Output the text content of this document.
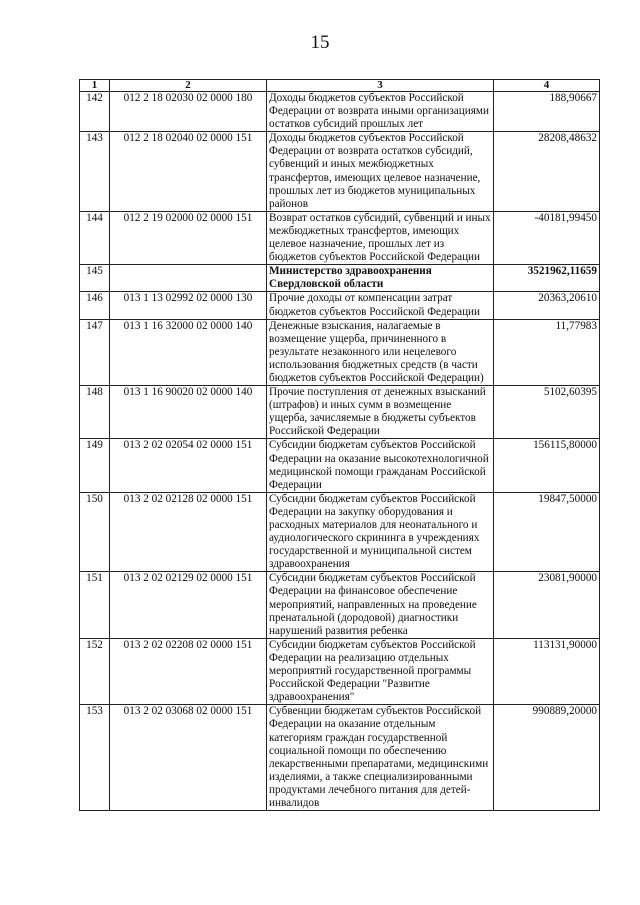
15
1	2	3	4
142	012 2 18 02030 02 0000 180	Доходы бюджетов субъектов Российской Федерации от возврата иными организациями остатков субсидий прошлых лет	188,90667
143	012 2 18 02040 02 0000 151	Доходы бюджетов субъектов Российской Федерации от возврата остатков субсидий, субвенций и иных межбюджетных трансфертов, имеющих целевое назначение, прошлых лет из бюджетов муниципальных районов	28208,48632
144	012 2 19 02000 02 0000 151	Возврат остатков субсидий, субвенций и иных межбюджетных трансфертов, имеющих целевое назначение, прошлых лет из бюджетов субъектов Российской Федерации	-40181,99450
145		Министерство здравоохранения Свердловской области	3521962,11659
146	013 1 13 02992 02 0000 130	Прочие доходы от компенсации затрат бюджетов субъектов Российской Федерации	20363,20610
147	013 1 16 32000 02 0000 140	Денежные взыскания, налагаемые в возмещение ущерба, причиненного в результате незаконного или нецелевого использования бюджетных средств (в части бюджетов субъектов Российской Федерации)	11,77983
148	013 1 16 90020 02 0000 140	Прочие поступления от денежных взысканий (штрафов) и иных сумм в возмещение ущерба, зачисляемые в бюджеты субъектов Российской Федерации	5102,60395
149	013 2 02 02054 02 0000 151	Субсидии бюджетам субъектов Российской Федерации на оказание высокотехнологичной медицинской помощи гражданам Российской Федерации	156115,80000
150	013 2 02 02128 02 0000 151	Субсидии бюджетам субъектов Российской Федерации на закупку оборудования и расходных материалов для неонатального и аудиологического скрининга в учреждениях государственной и муниципальной систем здравоохранения	19847,50000
151	013 2 02 02129 02 0000 151	Субсидии бюджетам субъектов Российской Федерации на финансовое обеспечение мероприятий, направленных на проведение пренатальной (дородовой) диагностики нарушений развития ребенка	23081,90000
152	013 2 02 02208 02 0000 151	Субсидии бюджетам субъектов Российской Федерации на реализацию отдельных мероприятий государственной программы Российской Федерации "Развитие здравоохранения"	113131,90000
153	013 2 02 03068 02 0000 151	Субвенции бюджетам субъектов Российской Федерации на оказание отдельным категориям граждан государственной социальной помощи по обеспечению лекарственными препаратами, медицинскими изделиями, а также специализированными продуктами лечебного питания для детей-инвалидов	990889,20000
